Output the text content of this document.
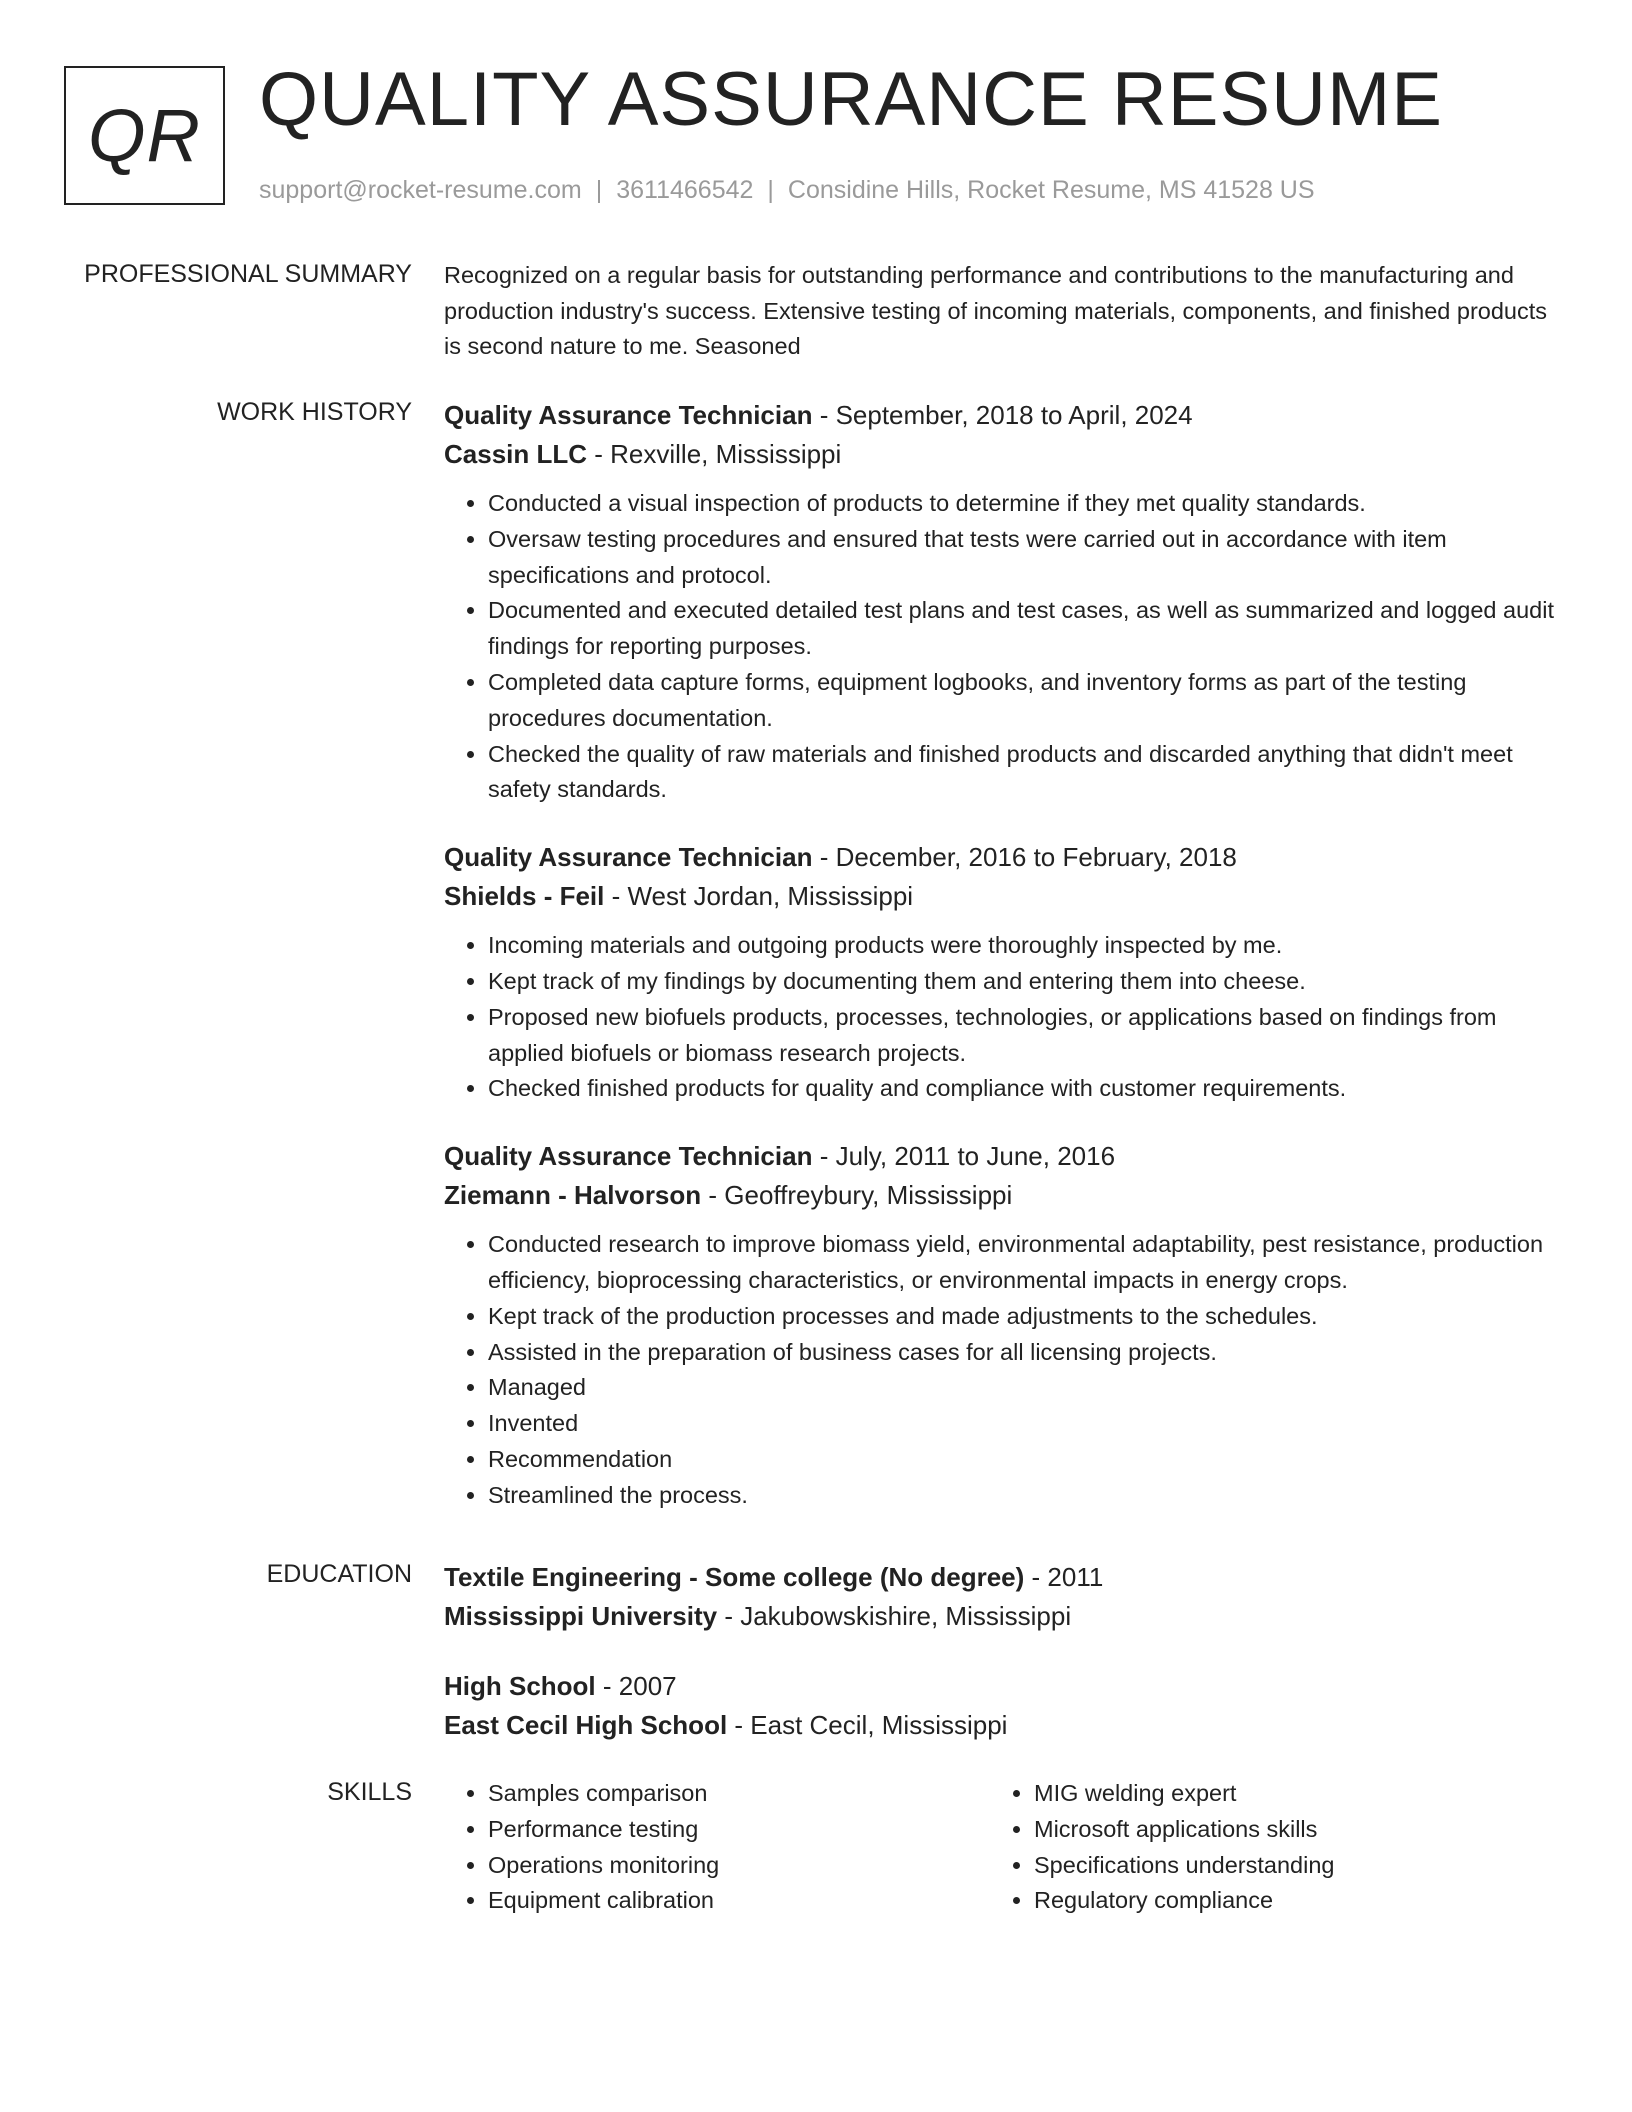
QR QUALITY ASSURANCE RESUME
support@rocket-resume.com | 3611466542 | Considine Hills, Rocket Resume, MS 41528 US
PROFESSIONAL SUMMARY Recognized on a regular basis for outstanding performance and contributions to the manufacturing and production industry's success. Extensive testing of incoming materials, components, and finished products is second nature to me. Seasoned

WORK HISTORY Quality Assurance Technician - September, 2018 to April, 2024
Cassin LLC - Rexville, Mississippi
• Conducted a visual inspection of products to determine if they met quality standards.
• Oversaw testing procedures and ensured that tests were carried out in accordance with item specifications and protocol.
• Documented and executed detailed test plans and test cases, as well as summarized and logged audit findings for reporting purposes.
• Completed data capture forms, equipment logbooks, and inventory forms as part of the testing procedures documentation.
• Checked the quality of raw materials and finished products and discarded anything that didn't meet safety standards.
Quality Assurance Technician - December, 2016 to February, 2018
Shields - Feil - West Jordan, Mississippi
• Incoming materials and outgoing products were thoroughly inspected by me.
• Kept track of my findings by documenting them and entering them into cheese.
• Proposed new biofuels products, processes, technologies, or applications based on findings from applied biofuels or biomass research projects.
• Checked finished products for quality and compliance with customer requirements.
Quality Assurance Technician - July, 2011 to June, 2016
Ziemann - Halvorson - Geoffreybury, Mississippi
• Conducted research to improve biomass yield, environmental adaptability, pest resistance, production efficiency, bioprocessing characteristics, or environmental impacts in energy crops.
• Kept track of the production processes and made adjustments to the schedules.
• Assisted in the preparation of business cases for all licensing projects.
• Managed
• Invented
• Recommendation
• Streamlined the process.
EDUCATION Textile Engineering - Some college (No degree) - 2011
Mississippi University - Jakubowskishire, Mississippi
High School - 2007
East Cecil High School - East Cecil, Mississippi
SKILLS
•	Samples comparison
• Performance testing
• Operations monitoring
• Equipment calibration
• MIG welding expert
• Microsoft applications skills
• Specifications understanding
• Regulatory compliance
